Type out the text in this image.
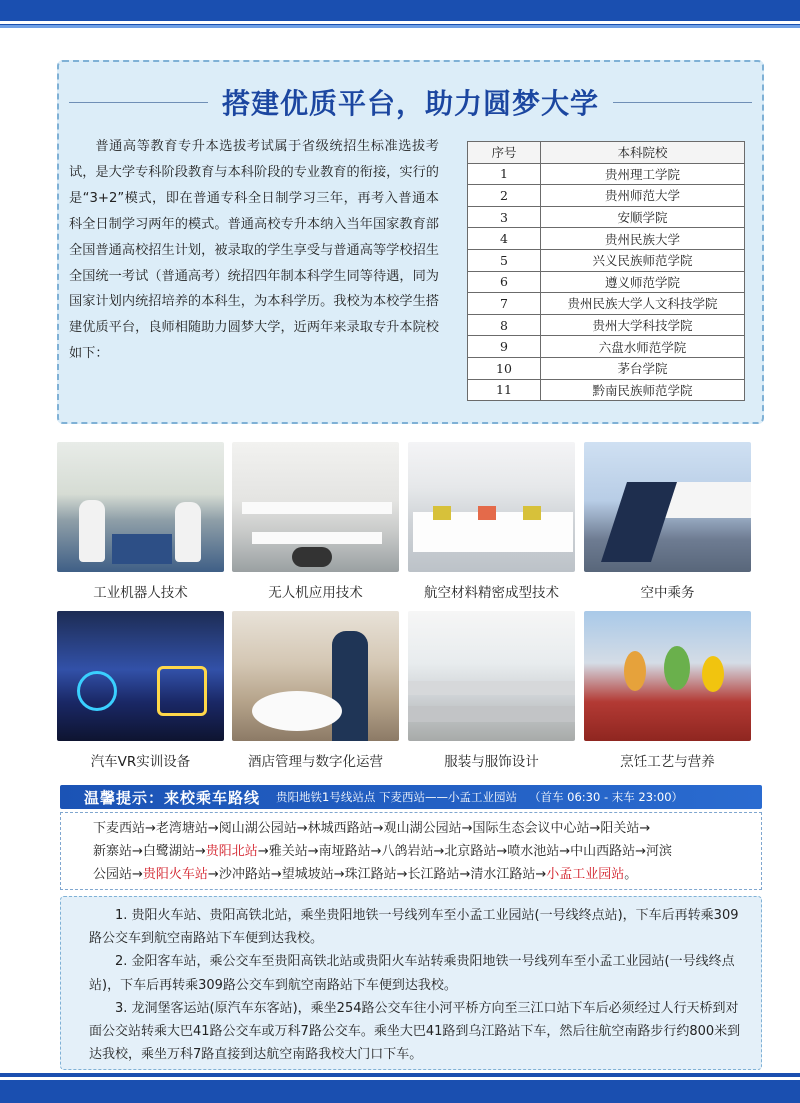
搭建优质平台，助力圆梦大学
普通高等教育专升本选拔考试属于省级统招生标准选拔考试，是大学专科阶段教育与本科阶段的专业教育的衔接，实行的是“3+2”模式，即在普通专科全日制学习三年，再考入普通本科全日制学习两年的模式。普通高校专升本纳入当年国家教育部全国普通高校招生计划，被录取的学生享受与普通高等学校招生全国统一考试（普通高考）统招四年制本科学生同等待遇，同为国家计划内统招培养的本科生，为本科学历。我校为本校学生搭建优质平台，良师相随助力圆梦大学，近两年来录取专升本院校如下：
序号	本科院校
1	贵州理工学院
2	贵州师范大学
3	安顺学院
4	贵州民族大学
5	兴义民族师范学院
6	遵义师范学院
7	贵州民族大学人文科技学院
8	贵州大学科技学院
9	六盘水师范学院
10	茅台学院
11	黔南民族师范学院
工业机器人技术	无人机应用技术	航空材料精密成型技术	空中乘务
汽车VR实训设备	酒店管理与数字化运营	服装与服饰设计	烹饪工艺与营养
温馨提示：来校乘车路线 贵阳地铁1号线站点 下麦西站——小孟工业园站 （首车 06:30 - 末车 23:00）
下麦西站→老湾塘站→阅山湖公园站→林城西路站→观山湖公园站→国际生态会议中心站→阳关站→
新寨站→白鹭湖站→贵阳北站→雅关站→南垭路站→八鸽岩站→北京路站→喷水池站→中山西路站→河滨
公园站→贵阳火车站→沙冲路站→望城坡站→珠江路站→长江路站→清水江路站→小孟工业园站。

1. 贵阳火车站、贵阳高铁北站，乘坐贵阳地铁一号线列车至小孟工业园站(一号线终点站)，下车后再转乘309路公交车到航空南路站下车便到达我校。

2. 金阳客车站，乘公交车至贵阳高铁北站或贵阳火车站转乘贵阳地铁一号线列车至小孟工业园站(一号线终点站)，下车后再转乘309路公交车到航空南路站下车便到达我校。

3. 龙洞堡客运站(原汽车东客站)，乘坐254路公交车往小河平桥方向至三江口站下车后必须经过人行天桥到对面公交站转乘大巴41路公交车或万科7路公交车。乘坐大巴41路到乌江路站下车，然后往航空南路步行约800米到达我校，乘坐万科7路直接到达航空南路我校大门口下车。
